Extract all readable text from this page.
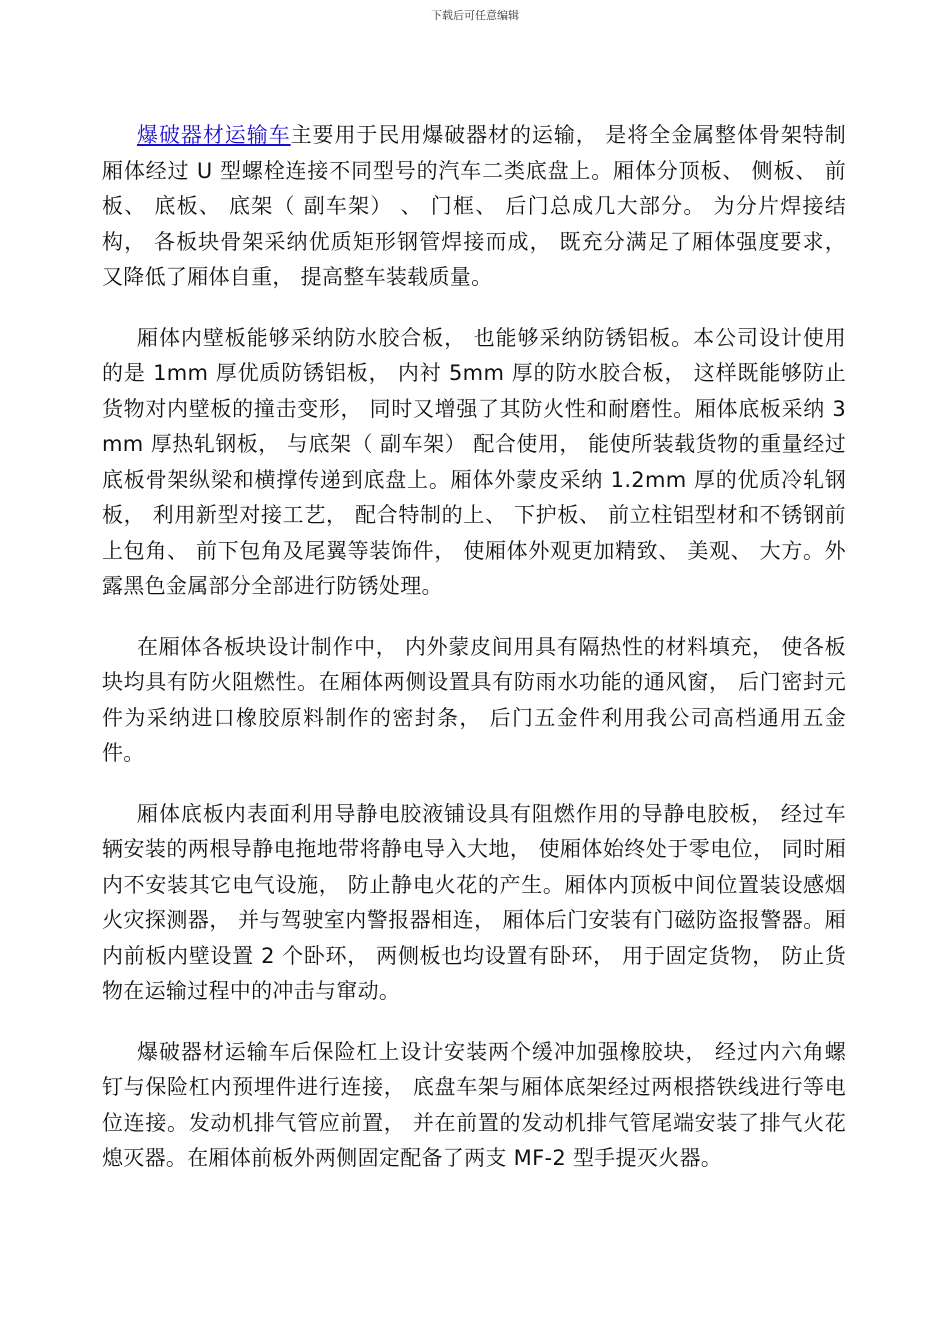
下载后可任意编辑

爆破器材运输车主要用于民用爆破器材的运输， 是将全金属整体骨架特制厢体经过 U 型螺栓连接不同型号的汽车二类底盘上。厢体分顶板、 侧板、 前板、 底板、 底架（ 副车架） 、 门框、 后门总成几大部分。 为分片焊接结构， 各板块骨架采纳优质矩形钢管焊接而成， 既充分满足了厢体强度要求， 又降低了厢体自重， 提高整车装载质量。

厢体内壁板能够采纳防水胶合板， 也能够采纳防锈铝板。本公司设计使用的是 1mm 厚优质防锈铝板， 内衬 5mm 厚的防水胶合板， 这样既能够防止货物对内壁板的撞击变形， 同时又增强了其防火性和耐磨性。厢体底板采纳 3mm 厚热轧钢板， 与底架（ 副车架） 配合使用， 能使所装载货物的重量经过底板骨架纵梁和横撑传递到底盘上。厢体外蒙皮采纳 1.2mm 厚的优质冷轧钢板， 利用新型对接工艺， 配合特制的上、 下护板、 前立柱铝型材和不锈钢前上包角、 前下包角及尾翼等装饰件， 使厢体外观更加精致、 美观、 大方。外露黑色金属部分全部进行防锈处理。

在厢体各板块设计制作中， 内外蒙皮间用具有隔热性的材料填充， 使各板块均具有防火阻燃性。在厢体两侧设置具有防雨水功能的通风窗， 后门密封元件为采纳进口橡胶原料制作的密封条， 后门五金件利用我公司高档通用五金件。

厢体底板内表面利用导静电胶液铺设具有阻燃作用的导静电胶板， 经过车辆安装的两根导静电拖地带将静电导入大地， 使厢体始终处于零电位， 同时厢内不安装其它电气设施， 防止静电火花的产生。厢体内顶板中间位置装设感烟火灾探测器， 并与驾驶室内警报器相连， 厢体后门安装有门磁防盗报警器。厢内前板内壁设置 2 个卧环， 两侧板也均设置有卧环， 用于固定货物， 防止货物在运输过程中的冲击与窜动。

爆破器材运输车后保险杠上设计安装两个缓冲加强橡胶块， 经过内六角螺钉与保险杠内预埋件进行连接， 底盘车架与厢体底架经过两根搭铁线进行等电位连接。发动机排气管应前置， 并在前置的发动机排气管尾端安装了排气火花熄灭器。在厢体前板外两侧固定配备了两支 MF-2 型手提灭火器。
